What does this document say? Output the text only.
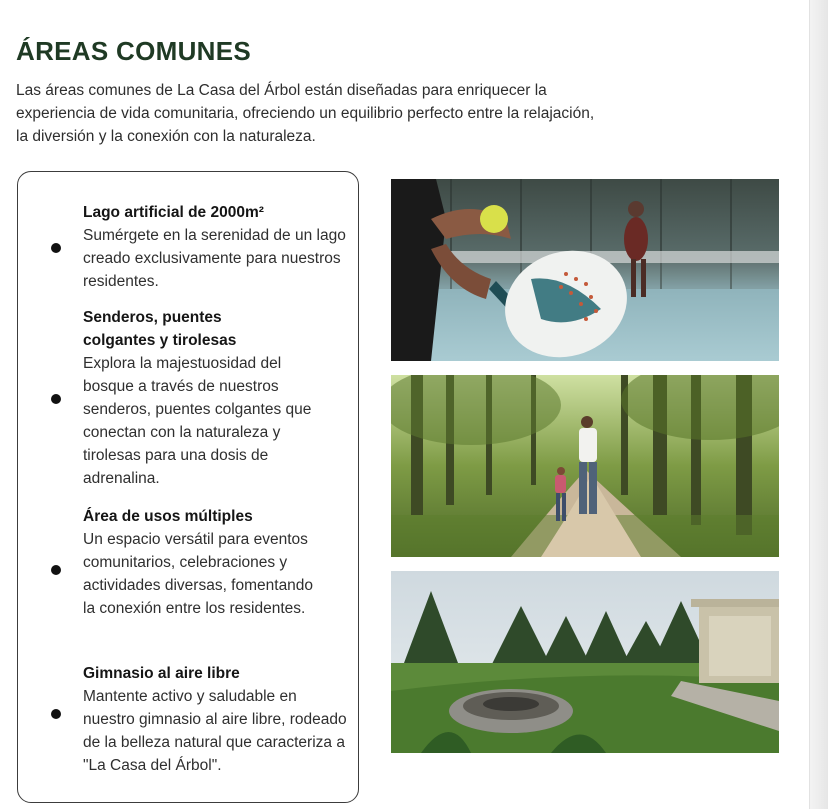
ÁREAS COMUNES

Las áreas comunes de La Casa del Árbol están diseñadas para enriquecer la experiencia de vida comunitaria, ofreciendo un equilibrio perfecto entre la relajación, la diversión y la conexión con la naturaleza.

Lago artificial de 2000m²

Sumérgete en la serenidad de un lago creado exclusivamente para nuestros residentes.

Senderos, puentes colgantes y tirolesas

Explora la majestuosidad del bosque a través de nuestros senderos, puentes colgantes que conectan con la naturaleza y tirolesas para una dosis de adrenalina.

Área de usos múltiples

Un espacio versátil para eventos comunitarios, celebraciones y actividades diversas, fomentando la conexión entre los residentes.

Gimnasio al aire libre

Mantente activo y saludable en nuestro gimnasio al aire libre, rodeado de la belleza natural que caracteriza a "La Casa del Árbol".
